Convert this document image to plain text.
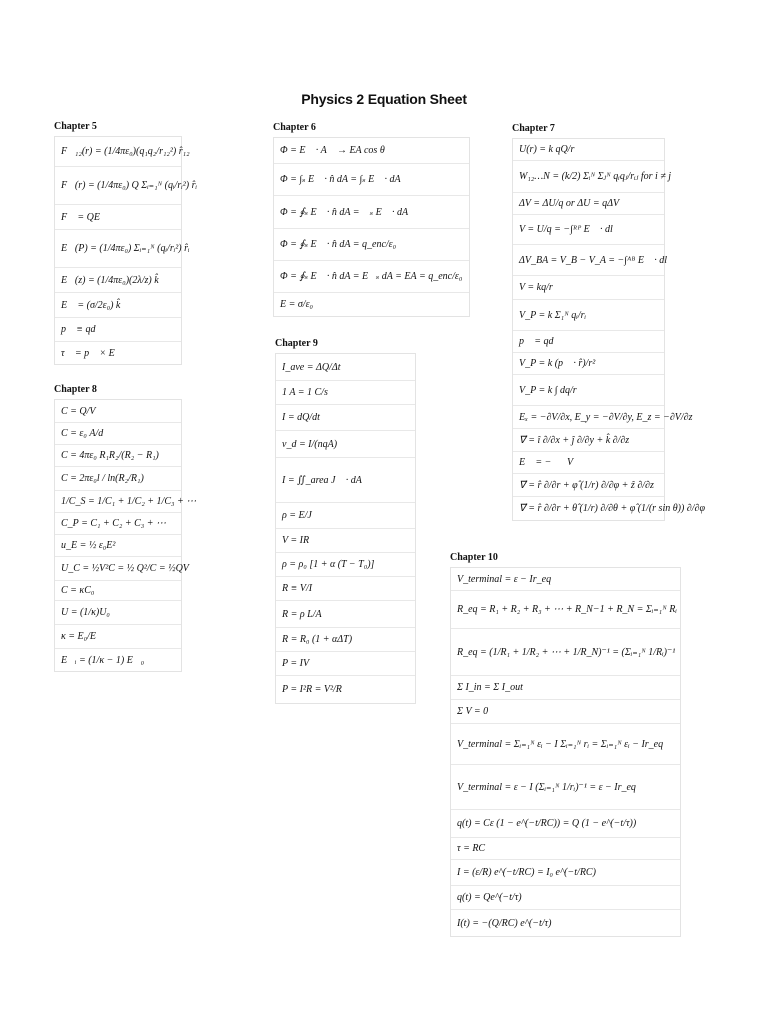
Physics 2 Equation Sheet
Chapter 5
F⃗₁₂(r) = (1/4πε₀)(q₁q₂/r₁₂²) r̂₁₂
F⃗(r) = (1/4πε₀) Q Σᵢ₌₁ᴺ (qᵢ/rᵢ²) r̂ᵢ
F⃗ = QE⃗
E⃗(P) = (1/4πε₀) Σᵢ₌₁ᴺ (qᵢ/rᵢ²) r̂ᵢ
E⃗(z) = (1/4πε₀)(2λ/z) k̂
E⃗ = (σ/2ε₀) k̂
p⃗ ≡ qd⃗
τ⃗ = p⃗ × E⃗
Chapter 6
Φ = E⃗ · A⃗ → EA cos θ
Φ = ∫ₛ E⃗ · n̂ dA = ∫ₛ E⃗ · dA⃗
Φ = ∮ₛ E⃗ · n̂ dA = ∮ₛ E⃗ · dA⃗
Φ = ∮ₛ E⃗ · n̂ dA = q_enc/ε₀
Φ = ∮ₛ E⃗ · n̂ dA = E∮ₛ dA = EA = q_enc/ε₀
E = σ/ε₀
Chapter 7
U(r) = k qQ/r
W₁₂…N = (k/2) Σᵢᴺ Σⱼᴺ qᵢqⱼ/rᵢⱼ for i ≠ j
ΔV = ΔU/q or ΔU = qΔV
V = U/q = −∫ᴿᴾ E⃗ · dl⃗
ΔV_BA = V_B − V_A = −∫ᴬᴮ E⃗ · dl⃗
V = kq/r
V_P = k Σ₁ᴺ qᵢ/rᵢ
p⃗ = qd⃗
V_P = k (p⃗ · r̂)/r²
V_P = k ∫ dq/r
Eₓ = −∂V/∂x, E_y = −∂V/∂y, E_z = −∂V/∂z
∇⃗ = î ∂/∂x + ĵ ∂/∂y + k̂ ∂/∂z
E⃗ = −∇⃗V
∇⃗ = r̂ ∂/∂r + φ̂ (1/r) ∂/∂φ + ẑ ∂/∂z
∇⃗ = r̂ ∂/∂r + θ̂ (1/r) ∂/∂θ + φ̂ (1/(r sin θ)) ∂/∂φ
Chapter 8
C = Q/V
C = ε₀ A/d
C = 4πε₀ R₁R₂/(R₂ − R₁)
C = 2πε₀l / ln(R₂/R₁)
1/C_S = 1/C₁ + 1/C₂ + 1/C₃ + ⋯
C_P = C₁ + C₂ + C₃ + ⋯
u_E = ½ ε₀E²
U_C = ½V²C = ½ Q²/C = ½QV
C = κC₀
U = (1/κ)U₀
κ = E₀/E
E⃗ᵢ = (1/κ − 1) E⃗₀
Chapter 9
I_ave = ΔQ/Δt
1 A = 1 C/s
I = dQ/dt
v_d = I/(nqA)
I = ∬_area J⃗ · dA⃗
ρ = E/J
V = IR
ρ = ρ₀ [1 + α (T − T₀)]
R ≡ V/I
R = ρ L/A
R = R₀ (1 + αΔT)
P = IV
P = I²R = V²/R
Chapter 10
V_terminal = ε − Ir_eq
R_eq = R₁ + R₂ + R₃ + ⋯ + R_N−1 + R_N = Σᵢ₌₁ᴺ Rᵢ
R_eq = (1/R₁ + 1/R₂ + ⋯ + 1/R_N)⁻¹ = (Σᵢ₌₁ᴺ 1/Rᵢ)⁻¹
Σ I_in = Σ I_out
Σ V = 0
V_terminal = Σᵢ₌₁ᴺ εᵢ − I Σᵢ₌₁ᴺ rᵢ = Σᵢ₌₁ᴺ εᵢ − Ir_eq
V_terminal = ε − I (Σᵢ₌₁ᴺ 1/rᵢ)⁻¹ = ε − Ir_eq
q(t) = Cε (1 − e^(−t/RC)) = Q (1 − e^(−t/τ))
τ = RC
I = (ε/R) e^(−t/RC) = I₀ e^(−t/RC)
q(t) = Qe^(−t/τ)
I(t) = −(Q/RC) e^(−t/τ)
